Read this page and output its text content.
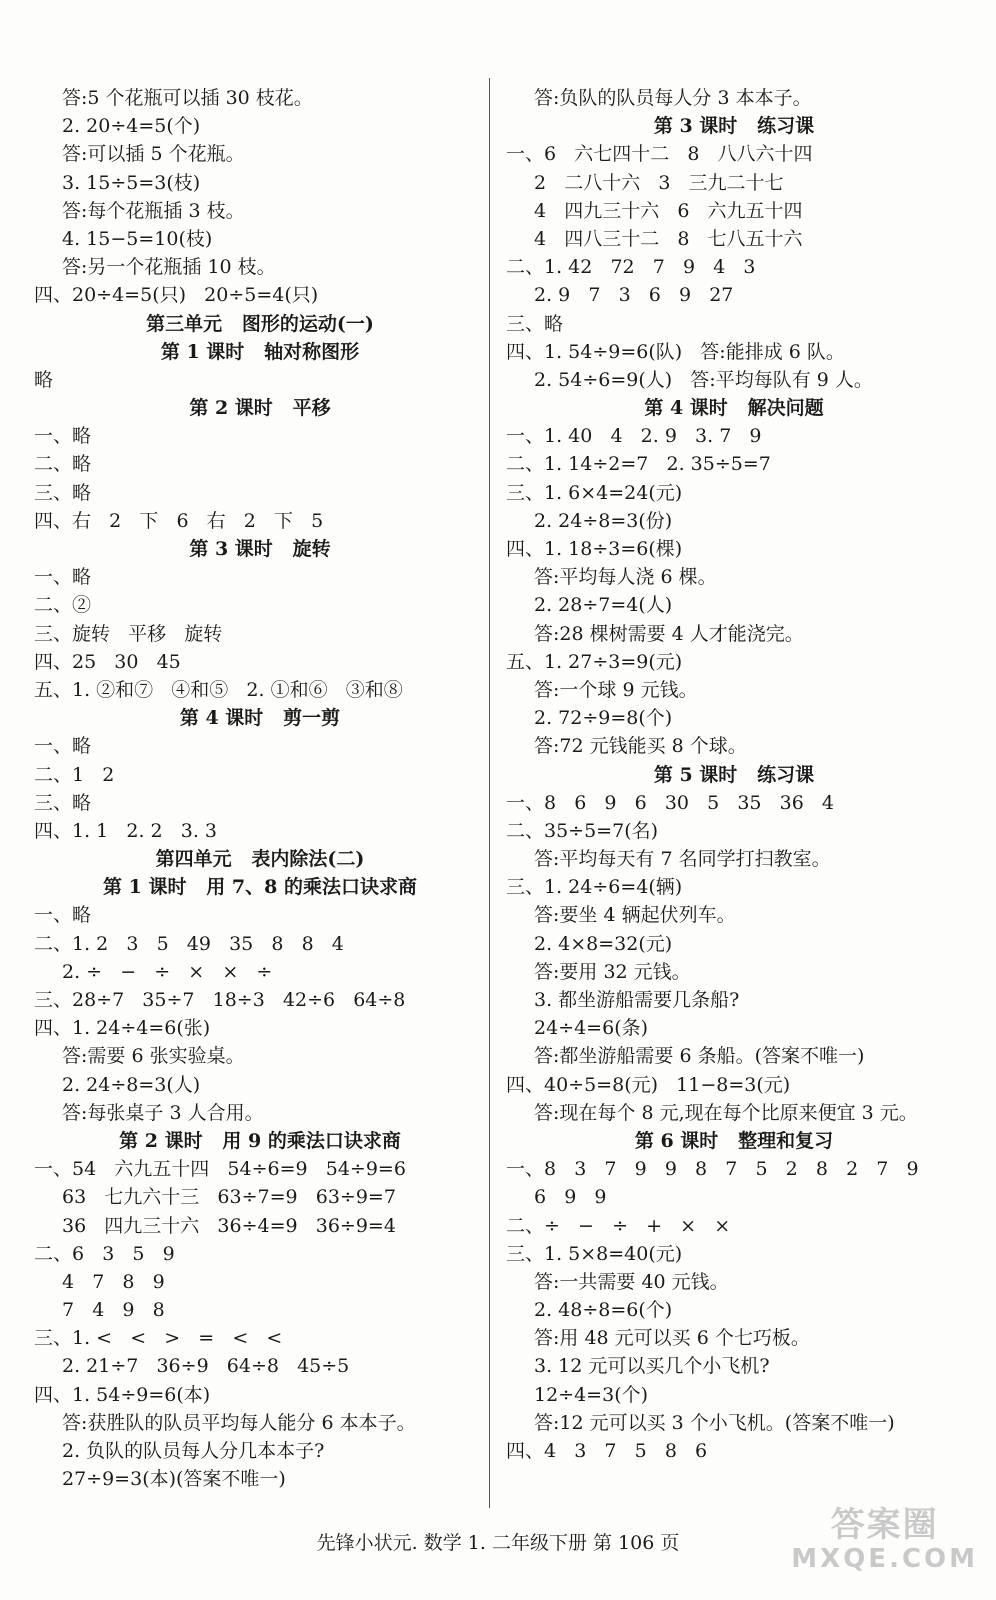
答:5 个花瓶可以插 30 枝花。
2. 20÷4=5(个)
答:可以插 5 个花瓶。
3. 15÷5=3(枝)
答:每个花瓶插 3 枝。
4. 15−5=10(枝)
答:另一个花瓶插 10 枝。
四、20÷4=5(只)   20÷5=4(只)
第三单元   图形的运动(一)
第 1 课时   轴对称图形
略
第 2 课时   平移
一、略
二、略
三、略
四、右   2   下   6   右   2   下   5
第 3 课时   旋转
一、略
二、②
三、旋转   平移   旋转
四、25   30   45
五、1. ②和⑦   ④和⑤   2. ①和⑥   ③和⑧
第 4 课时   剪一剪
一、略
二、1   2
三、略
四、1. 1   2. 2   3. 3
第四单元   表内除法(二)
第 1 课时   用 7、8 的乘法口诀求商
一、略
二、1. 2   3   5   49   35   8   8   4
2. ÷   −   ÷   ×   ×   ÷
三、28÷7   35÷7   18÷3   42÷6   64÷8
四、1. 24÷4=6(张)
答:需要 6 张实验桌。
2. 24÷8=3(人)
答:每张桌子 3 人合用。
第 2 课时   用 9 的乘法口诀求商
一、54   六九五十四   54÷6=9   54÷9=6
63   七九六十三   63÷7=9   63÷9=7
36   四九三十六   36÷4=9   36÷9=4
二、6   3   5   9
4   7   8   9
7   4   9   8
三、1. <   <   >   =   <   <
2. 21÷7   36÷9   64÷8   45÷5
四、1. 54÷9=6(本)
答:获胜队的队员平均每人能分 6 本本子。
2. 负队的队员每人分几本本子?
27÷9=3(本)(答案不唯一)
答:负队的队员每人分 3 本本子。
第 3 课时   练习课
一、6   六七四十二   8   八八六十四
2   二八十六   3   三九二十七
4   四九三十六   6   六九五十四
4   四八三十二   8   七八五十六
二、1. 42   72   7   9   4   3
2. 9   7   3   6   9   27
三、略
四、1. 54÷9=6(队)   答:能排成 6 队。
2. 54÷6=9(人)   答:平均每队有 9 人。
第 4 课时   解决问题
一、1. 40   4   2. 9   3. 7   9
二、1. 14÷2=7   2. 35÷5=7
三、1. 6×4=24(元)
2. 24÷8=3(份)
四、1. 18÷3=6(棵)
答:平均每人浇 6 棵。
2. 28÷7=4(人)
答:28 棵树需要 4 人才能浇完。
五、1. 27÷3=9(元)
答:一个球 9 元钱。
2. 72÷9=8(个)
答:72 元钱能买 8 个球。
第 5 课时   练习课
一、8   6   9   6   30   5   35   36   4
二、35÷5=7(名)
答:平均每天有 7 名同学打扫教室。
三、1. 24÷6=4(辆)
答:要坐 4 辆起伏列车。
2. 4×8=32(元)
答:要用 32 元钱。
3. 都坐游船需要几条船?
24÷4=6(条)
答:都坐游船需要 6 条船。(答案不唯一)
四、40÷5=8(元)   11−8=3(元)
答:现在每个 8 元,现在每个比原来便宜 3 元。
第 6 课时   整理和复习
一、8   3   7   9   9   8   7   5   2   8   2   7   9
6   9   9
二、÷   −   ÷   +   ×   ×
三、1. 5×8=40(元)
答:一共需要 40 元钱。
2. 48÷8=6(个)
答:用 48 元可以买 6 个七巧板。
3. 12 元可以买几个小飞机?
12÷4=3(个)
答:12 元可以买 3 个小飞机。(答案不唯一)
四、4   3   7   5   8   6
先锋小状元. 数学 1. 二年级下册 第 106 页	答案圈
MXQE.COM
